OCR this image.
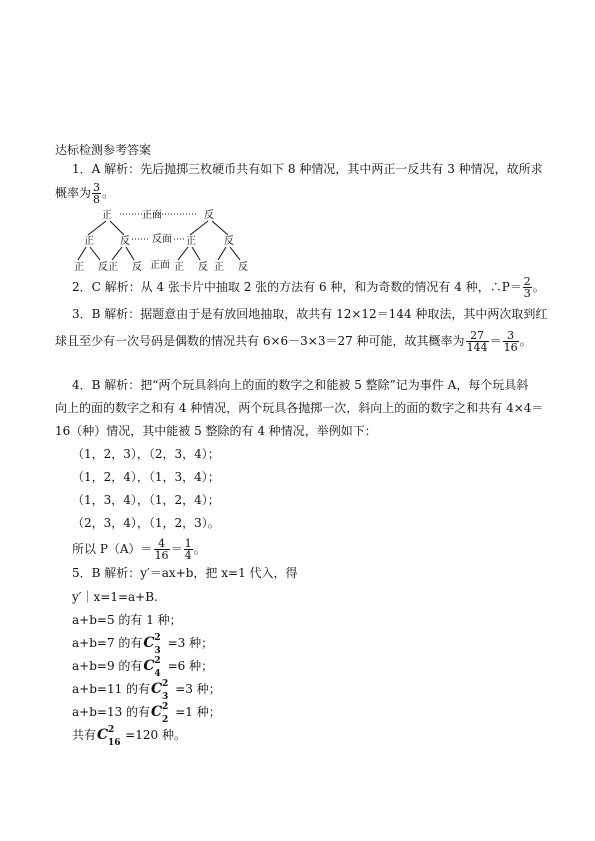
达标检测参考答案
1．A 解析：先后抛掷三枚硬币共有如下 8 种情况，其中两正一反共有 3 种情况，故所求
概率为 $\frac{3}{8}$ 。
正	反
正面
正	反	正	反
反面
正 反 正 反	正 反 正 反
正面
2．C 解析：从 4 张卡片中抽取 2 张的方法有 6 种，和为奇数的情况有 4 种，∴P＝ $\frac{2}{3}$ 。
3．B 解析：据题意由于是有放回地抽取，故共有 12×12＝144 种取法，其中两次取到红
球且至少有一次号码是偶数的情况共有 6×6－3×3＝27 种可能，故其概率为 $\frac{27}{144} = \frac{3}{16}$ 。
4．B 解析：把“两个玩具斜向上的面的数字之和能被 5 整除”记为事件 A，每个玩具斜
向上的面的数字之和有 4 种情况，两个玩具各抛掷一次，斜向上的面的数字之和共有 4×4＝
16（种）情况，其中能被 5 整除的有 4 种情况，举例如下：
（1，2，3），（2，3，4）；
（1，2，4），（1，3，4）；
（1，3，4），（1，2，4）；
（2，3，4），（1，2，3）。
所以 $P(A)= \frac{4}{16} = \frac{1}{4}$ 。
5．B 解析：y′＝ax+b，把 x=1 代入，得
y′｜x=1=a+B.
a+b=5 的有 1 种；
a+b=7 的有C 2
3
=3 种；
a+b=9 的有C 2
4
=6 种；
a+b=11 的有C 2
3
=3 种；
a+b=13 的有C 2
2
=1 种；
共有C 2
16
=120 种。
